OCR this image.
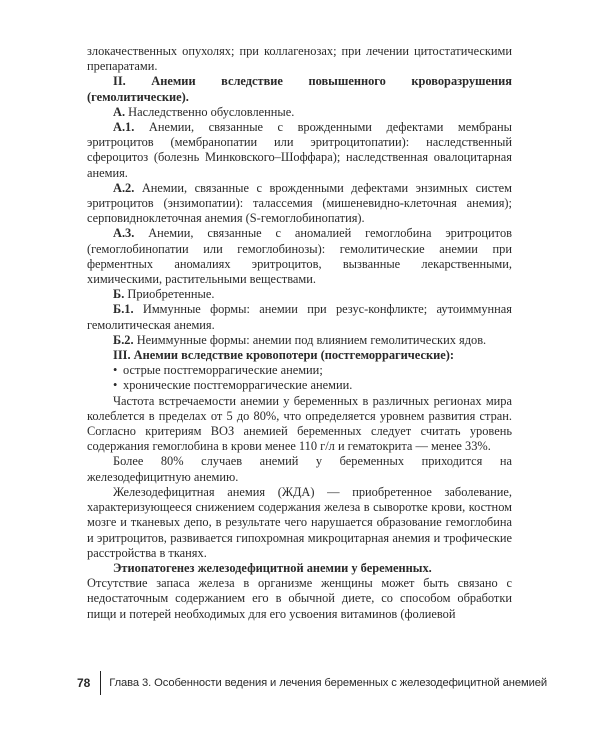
злокачественных опухолях; при коллагенозах; при лечении цитостатическими препаратами.

II. Анемии вследствие повышенного кроворазрушения (гемолитические).

А. Наследственно обусловленные.

А.1. Анемии, связанные с врожденными дефектами мембраны эритроцитов (мембранопатии или эритроцитопатии): наследственный сфероцитоз (болезнь Минковского–Шоффара); наследственная овалоцитарная анемия.

А.2. Анемии, связанные с врожденными дефектами энзимных систем эритроцитов (энзимопатии): талассемия (мишеневидно-клеточная анемия); серповидноклеточная анемия (S-гемоглобинопатия).

А.3. Анемии, связанные с аномалией гемоглобина эритроцитов (гемоглобинопатии или гемоглобинозы): гемолитические анемии при ферментных аномалиях эритроцитов, вызванные лекарственными, химическими, растительными веществами.

Б. Приобретенные.

Б.1. Иммунные формы: анемии при резус-конфликте; аутоиммунная гемолитическая анемия.

Б.2. Неиммунные формы: анемии под влиянием гемолитических ядов.

III. Анемии вследствие кровопотери (постгеморрагические):

• острые постгеморрагические анемии;
• хронические постгеморрагические анемии.

Частота встречаемости анемии у беременных в различных регионах мира колеблется в пределах от 5 до 80%, что определяется уровнем развития стран. Согласно критериям ВОЗ анемией беременных следует считать уровень содержания гемоглобина в крови менее 110 г/л и гематокрита — менее 33%.

Более 80% случаев анемий у беременных приходится на железодефицитную анемию.

Железодефицитная анемия (ЖДА) — приобретенное заболевание, характеризующееся снижением содержания железа в сыворотке крови, костном мозге и тканевых депо, в результате чего нарушается образование гемоглобина и эритроцитов, развивается гипохромная микроцитарная анемия и трофические расстройства в тканях.

Этиопатогенез железодефицитной анемии у беременных.

Отсутствие запаса железа в организме женщины может быть связано с недостаточным содержанием его в обычной диете, со способом обработки пищи и потерей необходимых для его усвоения витаминов (фолиевой

78	Глава 3. Особенности ведения и лечения беременных с железодефицитной анемией
